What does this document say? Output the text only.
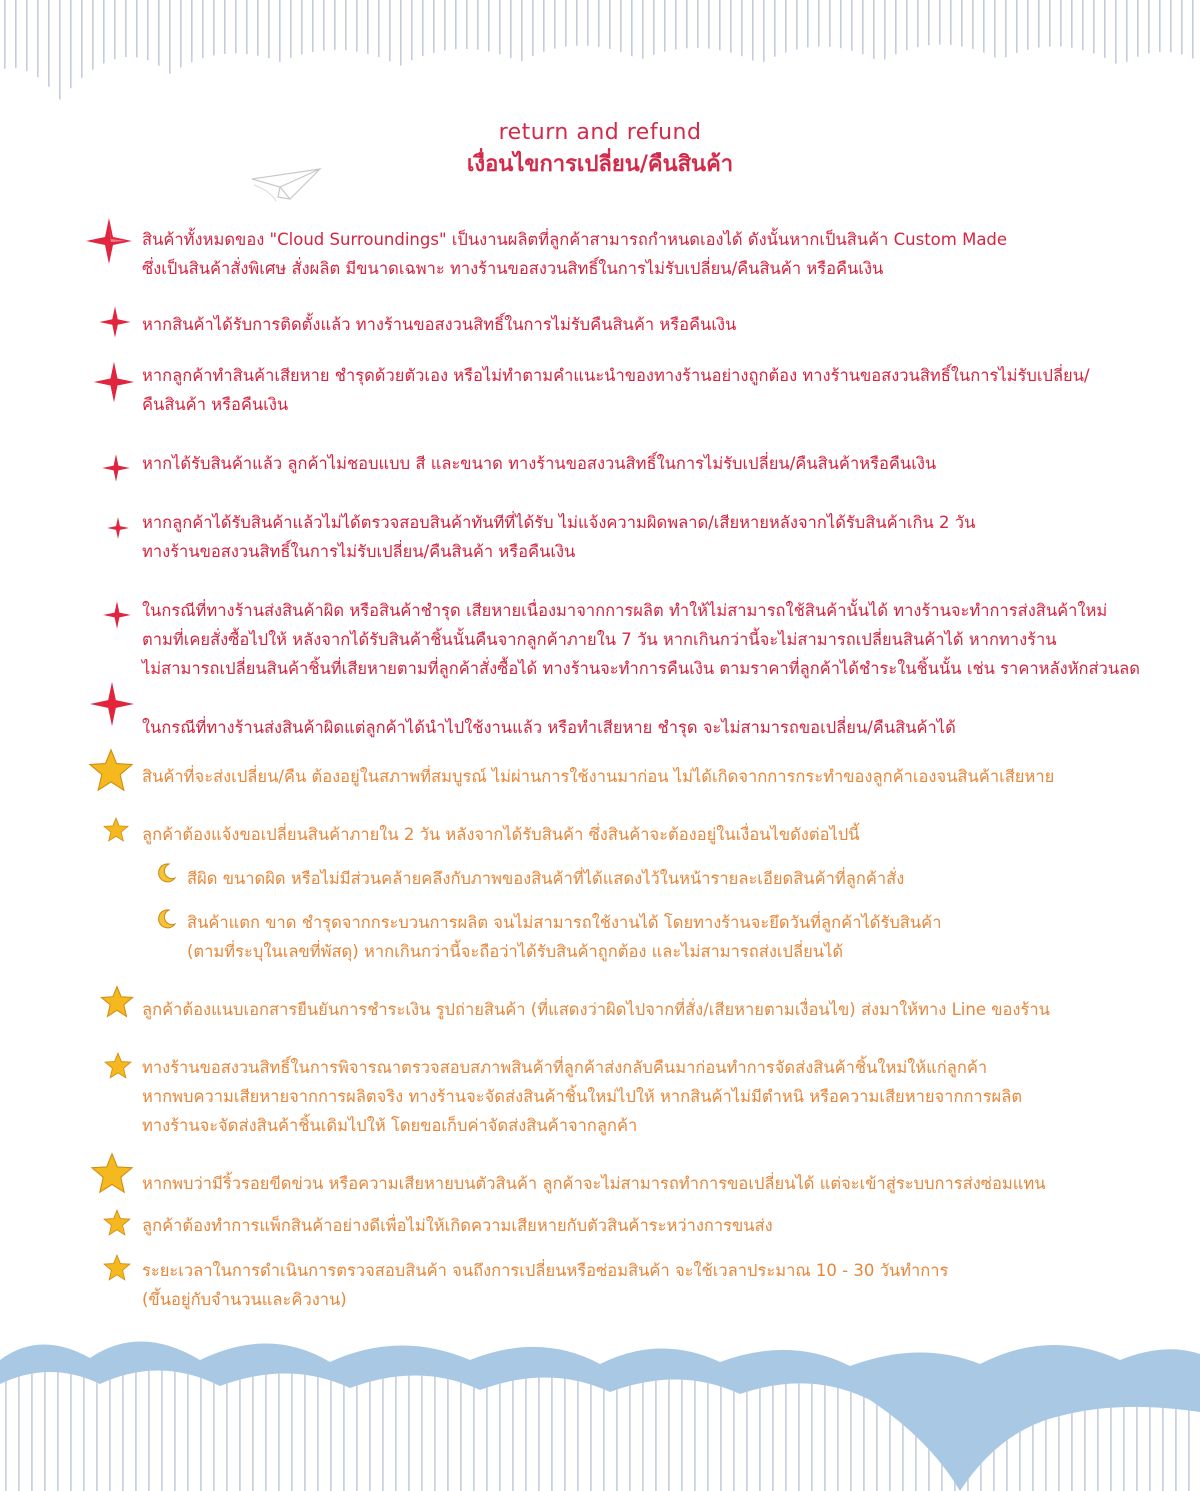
return and refund
เงื่อนไขการเปลี่ยน/คืนสินค้า
สินค้าทั้งหมดของ "Cloud Surroundings" เป็นงานผลิตที่ลูกค้าสามารถกำหนดเองได้ ดังนั้นหากเป็นสินค้า Custom Made
ซึ่งเป็นสินค้าสั่งพิเศษ สั่งผลิต มีขนาดเฉพาะ ทางร้านขอสงวนสิทธิ์ในการไม่รับเปลี่ยน/คืนสินค้า หรือคืนเงิน
หากสินค้าได้รับการติดตั้งแล้ว ทางร้านขอสงวนสิทธิ์ในการไม่รับคืนสินค้า หรือคืนเงิน
หากลูกค้าทำสินค้าเสียหาย ชำรุดด้วยตัวเอง หรือไม่ทำตามคำแนะนำของทางร้านอย่างถูกต้อง ทางร้านขอสงวนสิทธิ์ในการไม่รับเปลี่ยน/
คืนสินค้า หรือคืนเงิน
หากได้รับสินค้าแล้ว ลูกค้าไม่ชอบแบบ สี และขนาด ทางร้านขอสงวนสิทธิ์ในการไม่รับเปลี่ยน/คืนสินค้าหรือคืนเงิน
หากลูกค้าได้รับสินค้าแล้วไม่ได้ตรวจสอบสินค้าทันทีที่ได้รับ ไม่แจ้งความผิดพลาด/เสียหายหลังจากได้รับสินค้าเกิน 2 วัน
ทางร้านขอสงวนสิทธิ์ในการไม่รับเปลี่ยน/คืนสินค้า หรือคืนเงิน
ในกรณีที่ทางร้านส่งสินค้าผิด หรือสินค้าชำรุด เสียหายเนื่องมาจากการผลิต ทำให้ไม่สามารถใช้สินค้านั้นได้ ทางร้านจะทำการส่งสินค้าใหม่
ตามที่เคยสั่งซื้อไปให้ หลังจากได้รับสินค้าชิ้นนั้นคืนจากลูกค้าภายใน 7 วัน หากเกินกว่านี้จะไม่สามารถเปลี่ยนสินค้าได้ หากทางร้าน
ไม่สามารถเปลี่ยนสินค้าชิ้นที่เสียหายตามที่ลูกค้าสั่งซื้อได้ ทางร้านจะทำการคืนเงิน ตามราคาที่ลูกค้าได้ชำระในชิ้นนั้น เช่น ราคาหลังหักส่วนลด
ในกรณีที่ทางร้านส่งสินค้าผิดแต่ลูกค้าได้นำไปใช้งานแล้ว หรือทำเสียหาย ชำรุด จะไม่สามารถขอเปลี่ยน/คืนสินค้าได้
สินค้าที่จะส่งเปลี่ยน/คืน ต้องอยู่ในสภาพที่สมบูรณ์ ไม่ผ่านการใช้งานมาก่อน ไม่ได้เกิดจากการกระทำของลูกค้าเองจนสินค้าเสียหาย
ลูกค้าต้องแจ้งขอเปลี่ยนสินค้าภายใน 2 วัน หลังจากได้รับสินค้า ซึ่งสินค้าจะต้องอยู่ในเงื่อนไขดังต่อไปนี้
สีผิด ขนาดผิด หรือไม่มีส่วนคล้ายคลึงกับภาพของสินค้าที่ได้แสดงไว้ในหน้ารายละเอียดสินค้าที่ลูกค้าสั่ง
สินค้าแตก ขาด ชำรุดจากกระบวนการผลิต จนไม่สามารถใช้งานได้ โดยทางร้านจะยึดวันที่ลูกค้าได้รับสินค้า
(ตามที่ระบุในเลขที่พัสดุ) หากเกินกว่านี้จะถือว่าได้รับสินค้าถูกต้อง และไม่สามารถส่งเปลี่ยนได้
ลูกค้าต้องแนบเอกสารยืนยันการชำระเงิน รูปถ่ายสินค้า (ที่แสดงว่าผิดไปจากที่สั่ง/เสียหายตามเงื่อนไข) ส่งมาให้ทาง Line ของร้าน
ทางร้านขอสงวนสิทธิ์ในการพิจารณาตรวจสอบสภาพสินค้าที่ลูกค้าส่งกลับคืนมาก่อนทำการจัดส่งสินค้าชิ้นใหม่ให้แก่ลูกค้า
หากพบความเสียหายจากการผลิตจริง ทางร้านจะจัดส่งสินค้าชิ้นใหม่ไปให้ หากสินค้าไม่มีตำหนิ หรือความเสียหายจากการผลิต
ทางร้านจะจัดส่งสินค้าชิ้นเดิมไปให้ โดยขอเก็บค่าจัดส่งสินค้าจากลูกค้า
หากพบว่ามีริ้วรอยขีดข่วน หรือความเสียหายบนตัวสินค้า ลูกค้าจะไม่สามารถทำการขอเปลี่ยนได้ แต่จะเข้าสู่ระบบการส่งซ่อมแทน
ลูกค้าต้องทำการแพ็กสินค้าอย่างดีเพื่อไม่ให้เกิดความเสียหายกับตัวสินค้าระหว่างการขนส่ง
ระยะเวลาในการดำเนินการตรวจสอบสินค้า จนถึงการเปลี่ยนหรือซ่อมสินค้า จะใช้เวลาประมาณ 10 - 30 วันทำการ
(ขึ้นอยู่กับจำนวนและคิวงาน)
